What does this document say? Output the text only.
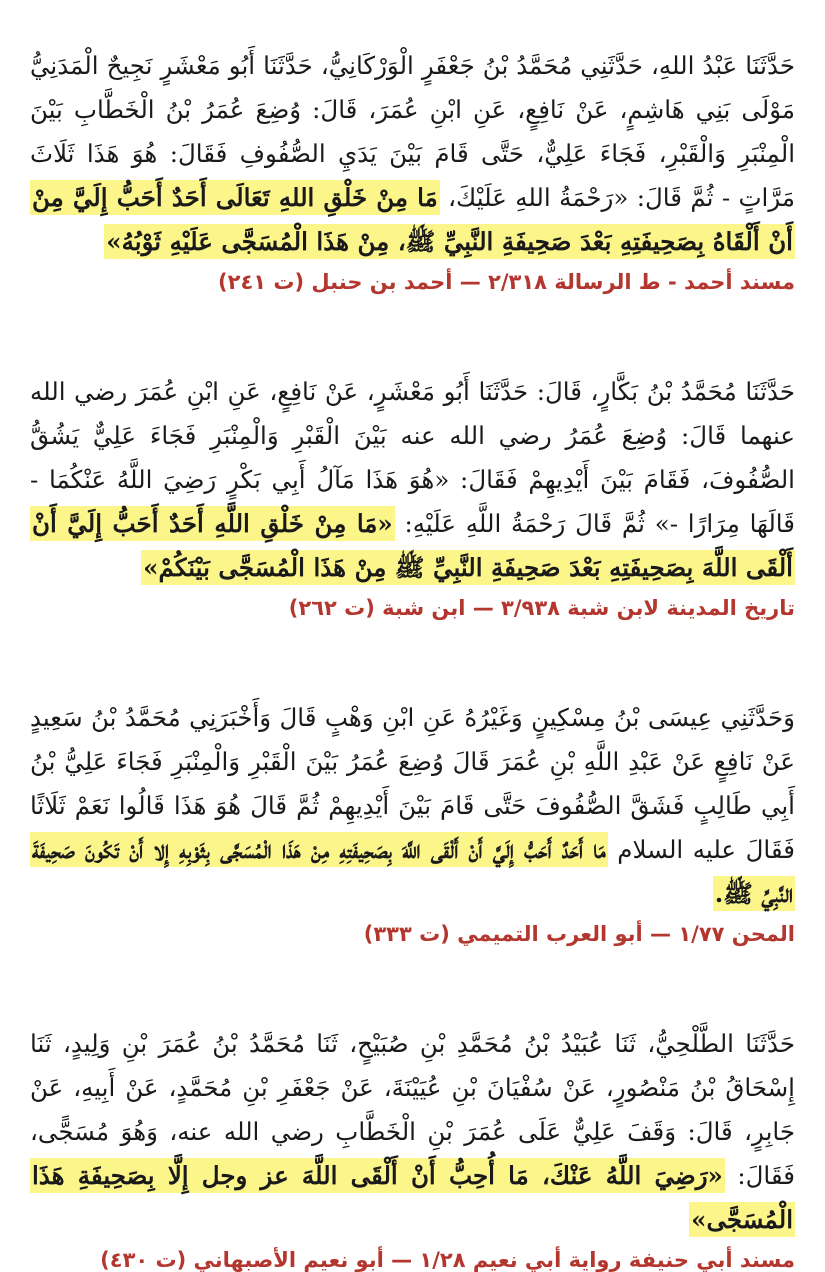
حَدَّثَنَا عَبْدُ اللهِ، حَدَّثَنِي مُحَمَّدُ بْنُ جَعْفَرٍ الْوَرْكَانِيُّ، حَدَّثَنَا أَبُو مَعْشَرٍ نَجِيحٌ الْمَدَنِيُّ مَوْلَى بَنِي هَاشِمٍ، عَنْ نَافِعٍ، عَنِ ابْنِ عُمَرَ، قَالَ: وُضِعَ عُمَرُ بْنُ الْخَطَّابِ بَيْنَ الْمِنْبَرِ وَالْقَبْرِ، فَجَاءَ عَلِيٌّ، حَتَّى قَامَ بَيْنَ يَدَيِ الصُّفُوفِ فَقَالَ: هُوَ هَذَا ثَلَاثَ مَرَّاتٍ - ثُمَّ قَالَ: «رَحْمَةُ اللهِ عَلَيْكَ، مَا مِنْ خَلْقِ اللهِ تَعَالَى أَحَدٌ أَحَبُّ إِلَيَّ مِنْ أَنْ أَلْقَاهُ بِصَحِيفَتِهِ بَعْدَ صَحِيفَةِ النَّبِيِّ ﷺ، مِنْ هَذَا الْمُسَجَّى عَلَيْهِ ثَوْبُهُ»

مسند أحمد - ط الرسالة ٢/٣١٨ — أحمد بن حنبل (ت ٢٤١)

حَدَّثَنَا مُحَمَّدُ بْنُ بَكَّارٍ، قَالَ: حَدَّثَنَا أَبُو مَعْشَرٍ، عَنْ نَافِعٍ، عَنِ ابْنِ عُمَرَ رضي الله عنهما قَالَ: وُضِعَ عُمَرُ رضي الله عنه بَيْنَ الْقَبْرِ وَالْمِنْبَرِ فَجَاءَ عَلِيٌّ يَشُقُّ الصُّفُوفَ، فَقَامَ بَيْنَ أَيْدِيهِمْ فَقَالَ: «هُوَ هَذَا مَآلُ أَبِي بَكْرٍ رَضِيَ اللَّهُ عَنْكُمَا - قَالَهَا مِرَارًا -» ثُمَّ قَالَ رَحْمَةُ اللَّهِ عَلَيْهِ: «مَا مِنْ خَلْقِ اللَّهِ أَحَدٌ أَحَبُّ إِلَيَّ أَنْ أَلْقَى اللَّهَ بِصَحِيفَتِهِ بَعْدَ صَحِيفَةِ النَّبِيِّ ﷺ مِنْ هَذَا الْمُسَجَّى بَيْنَكُمْ»

تاريخ المدينة لابن شبة ٣/٩٣٨ — ابن شبة (ت ٢٦٢)

وَحَدَّثَنِي عِيسَى بْنُ مِسْكِينٍ وَغَيْرُهُ عَنِ ابْنِ وَهْبٍ قَالَ وَأَخْبَرَنِي مُحَمَّدُ بْنُ سَعِيدٍ عَنْ نَافِعٍ عَنْ عَبْدِ اللَّهِ بْنِ عُمَرَ قَالَ وُضِعَ عُمَرُ بَيْنَ الْقَبْرِ وَالْمِنْبَرِ فَجَاءَ عَلِيُّ بْنُ أَبِي طَالِبٍ فَشَقَّ الصُّفُوفَ حَتَّى قَامَ بَيْنَ أَيْدِيهِمْ ثُمَّ قَالَ هُوَ هَذَا قَالُوا نَعَمْ ثَلَاثًا فَقَالَ عليه السلام مَا أَحَدٌ أَحَبُّ إِلَيَّ أَنْ أَلْقَى اللَّهَ بِصَحِيفَتِهِ مِنْ هَذَا الْمُسَجَّى بِثَوْبِهِ إِلا أَنْ تَكُونَ صَحِيفَةَ النَّبِيِّ ﷺ.

المحن ١/٧٧ — أبو العرب التميمي (ت ٣٣٣)

حَدَّثَنَا الطَّلْحِيُّ، ثَنَا عُبَيْدُ بْنُ مُحَمَّدِ بْنِ صُبَيْحٍ، ثَنَا مُحَمَّدُ بْنُ عُمَرَ بْنِ وَلِيدٍ، ثَنَا إِسْحَاقُ بْنُ مَنْصُورٍ، عَنْ سُفْيَانَ بْنِ عُيَيْنَةَ، عَنْ جَعْفَرِ بْنِ مُحَمَّدٍ، عَنْ أَبِيهِ، عَنْ جَابِرٍ، قَالَ: وَقَفَ عَلِيٌّ عَلَى عُمَرَ بْنِ الْخَطَّابِ رضي الله عنه، وَهُوَ مُسَجًّى، فَقَالَ: «رَضِيَ اللَّهُ عَنْكَ، مَا أُحِبُّ أَنْ أَلْقَى اللَّهَ عز وجل إِلَّا بِصَحِيفَةِ هَذَا الْمُسَجَّى»

مسند أبي حنيفة رواية أبي نعيم ١/٢٨ — أبو نعيم الأصبهاني (ت ٤٣٠)
